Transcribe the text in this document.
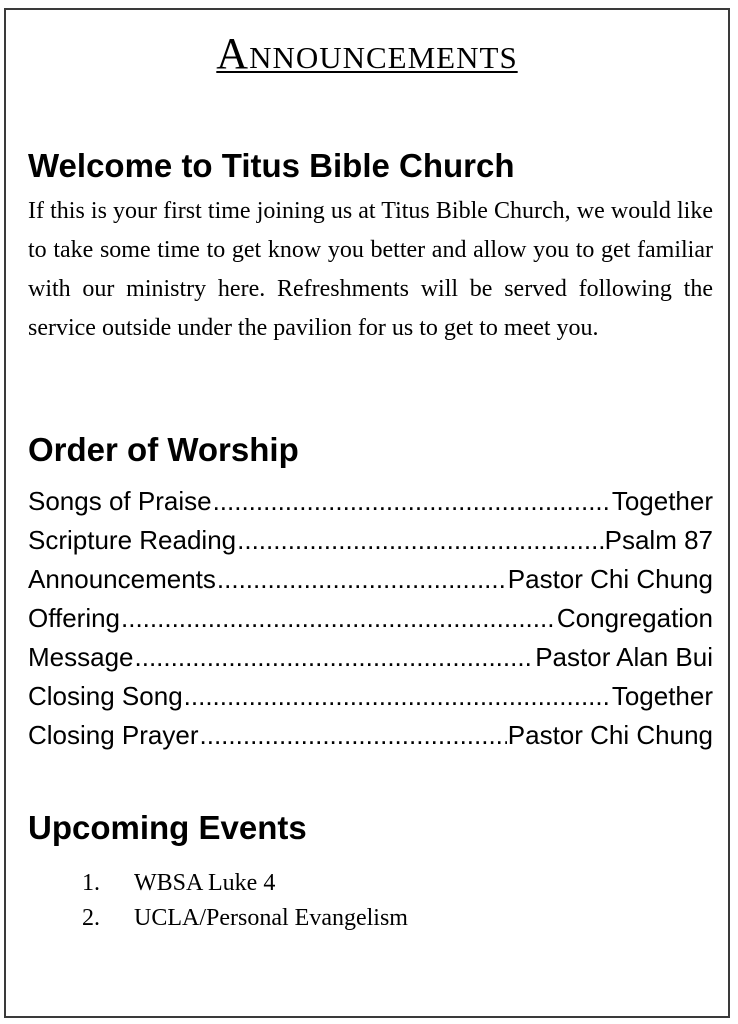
Announcements
Welcome to Titus Bible Church

If this is your first time joining us at Titus Bible Church, we would like to take some time to get know you better and allow you to get familiar with our ministry here. Refreshments will be served following the service outside under the pavilion for us to get to meet you.

Order of Worship
Songs of Praise .....	Together
Scripture Reading .....	Psalm 87
Announcements .....	Pastor Chi Chung
Offering .....	Congregation
Message .....	Pastor Alan Bui
Closing Song .....	Together
Closing Prayer .....	Pastor Chi Chung
Upcoming Events
1.	WBSA Luke 4
2.	UCLA/Personal Evangelism
